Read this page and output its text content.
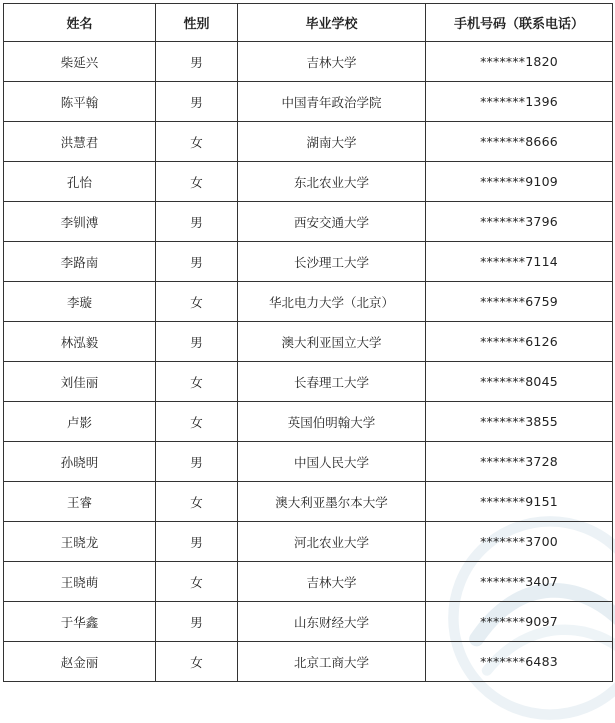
姓名	性别	毕业学校	手机号码（联系电话）
柴延兴	男	吉林大学	*******1820
陈平翰	男	中国青年政治学院	*******1396
洪慧君	女	湖南大学	*******8666
孔怡	女	东北农业大学	*******9109
李钏溥	男	西安交通大学	*******3796
李路南	男	长沙理工大学	*******7114
李璇	女	华北电力大学（北京）	*******6759
林泓毅	男	澳大利亚国立大学	*******6126
刘佳丽	女	长春理工大学	*******8045
卢影	女	英国伯明翰大学	*******3855
孙晓明	男	中国人民大学	*******3728
王睿	女	澳大利亚墨尔本大学	*******9151
王晓龙	男	河北农业大学	*******3700
王晓萌	女	吉林大学	*******3407
于华鑫	男	山东财经大学	*******9097
赵金丽	女	北京工商大学	*******6483
